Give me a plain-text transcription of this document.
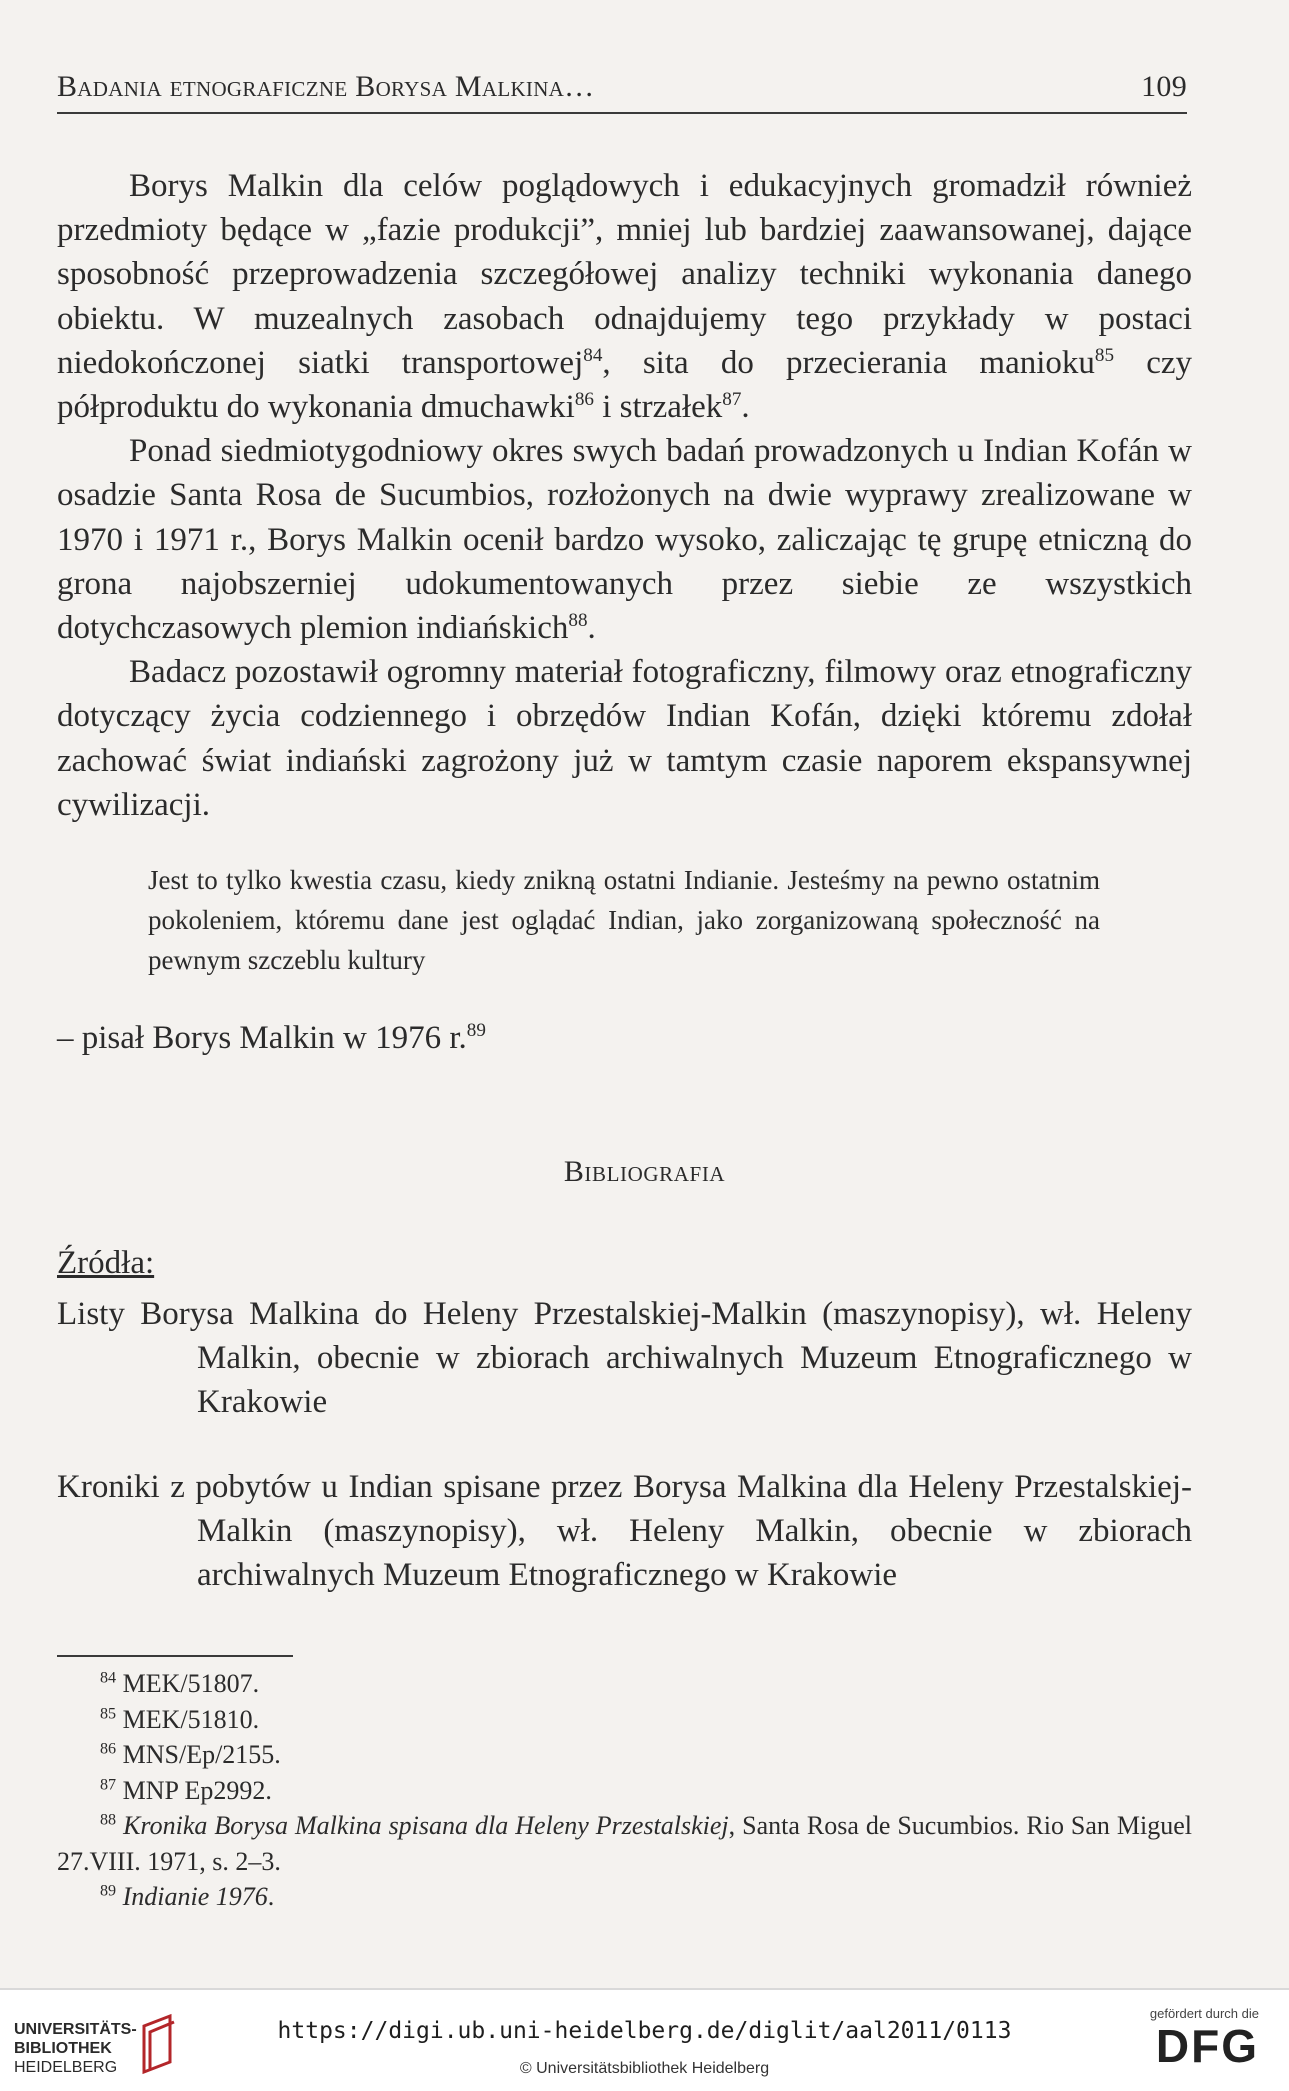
Badania etnograficzne Borysa Malkina…	109

Borys Malkin dla celów poglądowych i edukacyjnych gromadził również przedmioty będące w „fazie produkcji”, mniej lub bardziej zaawansowanej, dające sposobność przeprowadzenia szczegółowej analizy techniki wykonania danego obiektu. W muzealnych zasobach odnajdujemy tego przykłady w postaci niedokończonej siatki transportowej$^{84}$, sita do przecierania manioku$^{85}$ czy półproduktu do wykonania dmuchawki$^{86}$ i strzałek$^{87}$.

Ponad siedmiotygodniowy okres swych badań prowadzonych u Indian Kofán w osadzie Santa Rosa de Sucumbios, rozłożonych na dwie wyprawy zrealizowane w 1970 i 1971 r., Borys Malkin ocenił bardzo wysoko, zaliczając tę grupę etniczną do grona najobszerniej udokumentowanych przez siebie ze wszystkich dotychczasowych plemion indiańskich$^{88}$.

Badacz pozostawił ogromny materiał fotograficzny, filmowy oraz etnograficzny dotyczący życia codziennego i obrzędów Indian Kofán, dzięki któremu zdołał zachować świat indiański zagrożony już w tamtym czasie naporem ekspansywnej cywilizacji.

Jest to tylko kwestia czasu, kiedy znikną ostatni Indianie. Jesteśmy na pewno ostatnim pokoleniem, któremu dane jest oglądać Indian, jako zorganizowaną społeczność na pewnym szczeblu kultury
– pisał Borys Malkin w 1976 r.$^{89}$
Bibliografia
Źródła:
Listy Borysa Malkina do Heleny Przestalskiej-Malkin (maszynopisy), wł. Heleny Malkin, obecnie w zbiorach archiwalnych Muzeum Etnograficznego w Krakowie
Kroniki z pobytów u Indian spisane przez Borysa Malkina dla Heleny Przestalskiej-Malkin (maszynopisy), wł. Heleny Malkin, obecnie w zbiorach archiwalnych Muzeum Etnograficznego w Krakowie

$^{84}$ MEK/51807.

$^{85}$ MEK/51810.

$^{86}$ MNS/Ep/2155.

$^{87}$ MNP Ep2992.

$^{88}$ Kronika Borysa Malkina spisana dla Heleny Przestalskiej, Santa Rosa de Sucumbios. Rio San Miguel 27.VIII. 1971, s. 2–3.

$^{89}$ Indianie 1976.

UNIVERSITÄTS-
BIBLIOTHEK
HEIDELBERG
https://digi.ub.uni-heidelberg.de/diglit/aal2011/0113
© Universitätsbibliothek Heidelberg
gefördert durch die
DFG
